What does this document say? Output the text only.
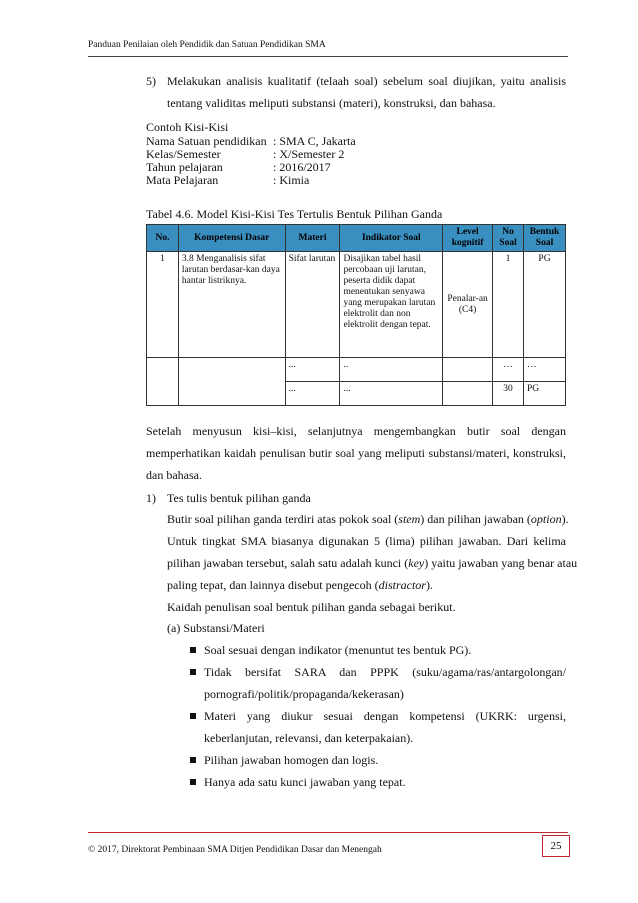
Panduan Penilaian oleh Pendidik dan Satuan Pendidikan SMA
5) Melakukan analisis kualitatif (telaah soal) sebelum soal diujikan, yaitu analisis
tentang validitas meliputi substansi (materi), konstruksi, dan bahasa.
Contoh Kisi-Kisi
Nama Satuan pendidikan	: SMA C, Jakarta
Kelas/Semester	: X/Semester 2
Tahun pelajaran	: 2016/2017
Mata Pelajaran	: Kimia
Tabel 4.6. Model Kisi-Kisi Tes Tertulis Bentuk Pilihan Ganda
No.	Kompetensi Dasar	Materi	Indikator Soal	Level kognitif	No Soal	Bentuk Soal
1	3.8 Menganalisis sifat larutan berdasar-kan daya hantar listriknya.	Sifat larutan	Disajikan tabel hasil percobaan uji larutan, peserta didik dapat menentukan senyawa yang merupakan larutan elektrolit dan non elektrolit dengan tepat.	Penalar-an (C4)	1	PG
		...	..		…	…
		...	...		30	PG
Setelah menyusun kisi–kisi, selanjutnya mengembangkan butir soal dengan
memperhatikan kaidah penulisan butir soal yang meliputi substansi/materi, konstruksi,
dan bahasa.
1) Tes tulis bentuk pilihan ganda
Butir soal pilihan ganda terdiri atas pokok soal (stem) dan pilihan jawaban (option).
Untuk tingkat SMA biasanya digunakan 5 (lima) pilihan jawaban. Dari kelima
pilihan jawaban tersebut, salah satu adalah kunci (key) yaitu jawaban yang benar atau
paling tepat, dan lainnya disebut pengecoh (distractor).
Kaidah penulisan soal bentuk pilihan ganda sebagai berikut.
(a) Substansi/Materi
Soal sesuai dengan indikator (menuntut tes bentuk PG).
Tidak bersifat SARA dan PPPK (suku/agama/ras/antargolongan/
pornografi/politik/propaganda/kekerasan)
Materi yang diukur sesuai dengan kompetensi (UKRK: urgensi,
keberlanjutan, relevansi, dan keterpakaian).
Pilihan jawaban homogen dan logis.
Hanya ada satu kunci jawaban yang tepat.
© 2017, Direktorat Pembinaan SMA Ditjen Pendidikan Dasar dan Menengah	25
